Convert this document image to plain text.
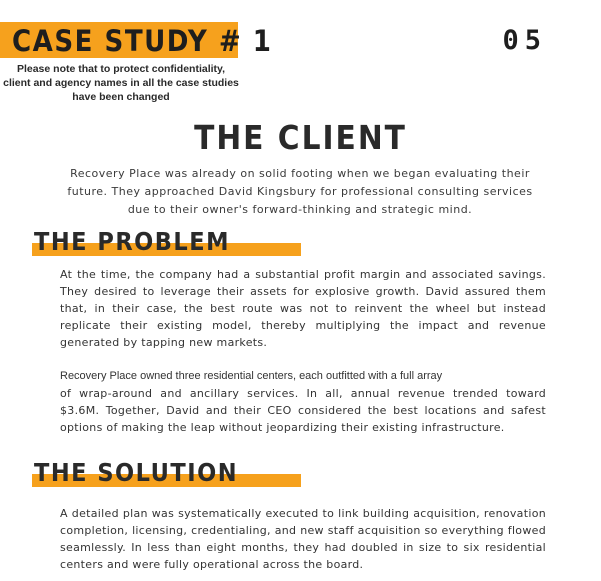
CASE STUDY # 1	05
Please note that to protect confidentiality, client and agency names in all the case studies have been changed
THE CLIENT
Recovery Place was already on solid footing when we began evaluating their future. They approached David Kingsbury for professional consulting services due to their owner's forward-thinking and strategic mind.
THE PROBLEM

At the time, the company had a substantial profit margin and associated savings. They desired to leverage their assets for explosive growth. David assured them that, in their case, the best route was not to reinvent the wheel but instead replicate their existing model, thereby multiplying the impact and revenue generated by tapping new markets.

Recovery Place owned three residential centers, each outfitted with a full array
of wrap-around and ancillary services. In all, annual revenue trended toward $3.6M. Together, David and their CEO considered the best locations and safest options of making the leap without jeopardizing their existing infrastructure.
THE SOLUTION

A detailed plan was systematically executed to link building acquisition, renovation completion, licensing, credentialing, and new staff acquisition so everything flowed seamlessly. In less than eight months, they had doubled in size to six residential centers and were fully operational across the board.
